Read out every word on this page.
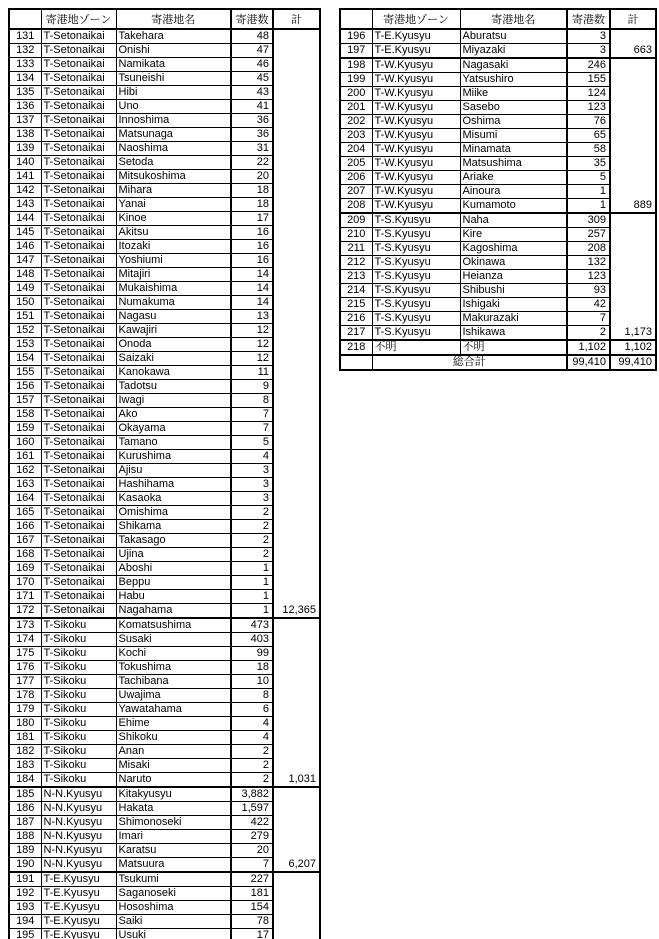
	寄港地ゾーン	寄港地名	寄港数	計
131	T-Setonaikai	Takehara	48	
132	T-Setonaikai	Onishi	47	
133	T-Setonaikai	Namikata	46	
134	T-Setonaikai	Tsuneishi	45	
135	T-Setonaikai	Hibi	43	
136	T-Setonaikai	Uno	41	
137	T-Setonaikai	Innoshima	36	
138	T-Setonaikai	Matsunaga	36	
139	T-Setonaikai	Naoshima	31	
140	T-Setonaikai	Setoda	22	
141	T-Setonaikai	Mitsukoshima	20	
142	T-Setonaikai	Mihara	18	
143	T-Setonaikai	Yanai	18	
144	T-Setonaikai	Kinoe	17	
145	T-Setonaikai	Akitsu	16	
146	T-Setonaikai	Itozaki	16	
147	T-Setonaikai	Yoshiumi	16	
148	T-Setonaikai	Mitajiri	14	
149	T-Setonaikai	Mukaishima	14	
150	T-Setonaikai	Numakuma	14	
151	T-Setonaikai	Nagasu	13	
152	T-Setonaikai	Kawajiri	12	
153	T-Setonaikai	Onoda	12	
154	T-Setonaikai	Saizaki	12	
155	T-Setonaikai	Kanokawa	11	
156	T-Setonaikai	Tadotsu	9	
157	T-Setonaikai	Iwagi	8	
158	T-Setonaikai	Ako	7	
159	T-Setonaikai	Okayama	7	
160	T-Setonaikai	Tamano	5	
161	T-Setonaikai	Kurushima	4	
162	T-Setonaikai	Ajisu	3	
163	T-Setonaikai	Hashihama	3	
164	T-Setonaikai	Kasaoka	3	
165	T-Setonaikai	Omishima	2	
166	T-Setonaikai	Shikama	2	
167	T-Setonaikai	Takasago	2	
168	T-Setonaikai	Ujina	2	
169	T-Setonaikai	Aboshi	1	
170	T-Setonaikai	Beppu	1	
171	T-Setonaikai	Habu	1	
172	T-Setonaikai	Nagahama	1	12,365
173	T-Sikoku	Komatsushima	473	
174	T-Sikoku	Susaki	403	
175	T-Sikoku	Kochi	99	
176	T-Sikoku	Tokushima	18	
177	T-Sikoku	Tachibana	10	
178	T-Sikoku	Uwajima	8	
179	T-Sikoku	Yawatahama	6	
180	T-Sikoku	Ehime	4	
181	T-Sikoku	Shikoku	4	
182	T-Sikoku	Anan	2	
183	T-Sikoku	Misaki	2	
184	T-Sikoku	Naruto	2	1,031
185	N-N.Kyusyu	Kitakyusyu	3,882	
186	N-N.Kyusyu	Hakata	1,597	
187	N-N.Kyusyu	Shimonoseki	422	
188	N-N.Kyusyu	Imari	279	
189	N-N.Kyusyu	Karatsu	20	
190	N-N.Kyusyu	Matsuura	7	6,207
191	T-E.Kyusyu	Tsukumi	227	
192	T-E.Kyusyu	Saganoseki	181	
193	T-E.Kyusyu	Hososhima	154	
194	T-E.Kyusyu	Saiki	78	
195	T-E.Kyusyu	Usuki	17	
	寄港地ゾーン	寄港地名	寄港数	計
196	T-E.Kyusyu	Aburatsu	3	
197	T-E.Kyusyu	Miyazaki	3	663
198	T-W.Kyusyu	Nagasaki	246	
199	T-W.Kyusyu	Yatsushiro	155	
200	T-W.Kyusyu	Miike	124	
201	T-W.Kyusyu	Sasebo	123	
202	T-W.Kyusyu	Oshima	76	
203	T-W.Kyusyu	Misumi	65	
204	T-W.Kyusyu	Minamata	58	
205	T-W.Kyusyu	Matsushima	35	
206	T-W.Kyusyu	Ariake	5	
207	T-W.Kyusyu	Ainoura	1	
208	T-W.Kyusyu	Kumamoto	1	889
209	T-S.Kyusyu	Naha	309	
210	T-S.Kyusyu	Kire	257	
211	T-S.Kyusyu	Kagoshima	208	
212	T-S.Kyusyu	Okinawa	132	
213	T-S.Kyusyu	Heianza	123	
214	T-S.Kyusyu	Shibushi	93	
215	T-S.Kyusyu	Ishigaki	42	
216	T-S.Kyusyu	Makurazaki	7	
217	T-S.Kyusyu	Ishikawa	2	1,173
218	不明	不明	1,102	1,102
	総合計		99,410	99,410
